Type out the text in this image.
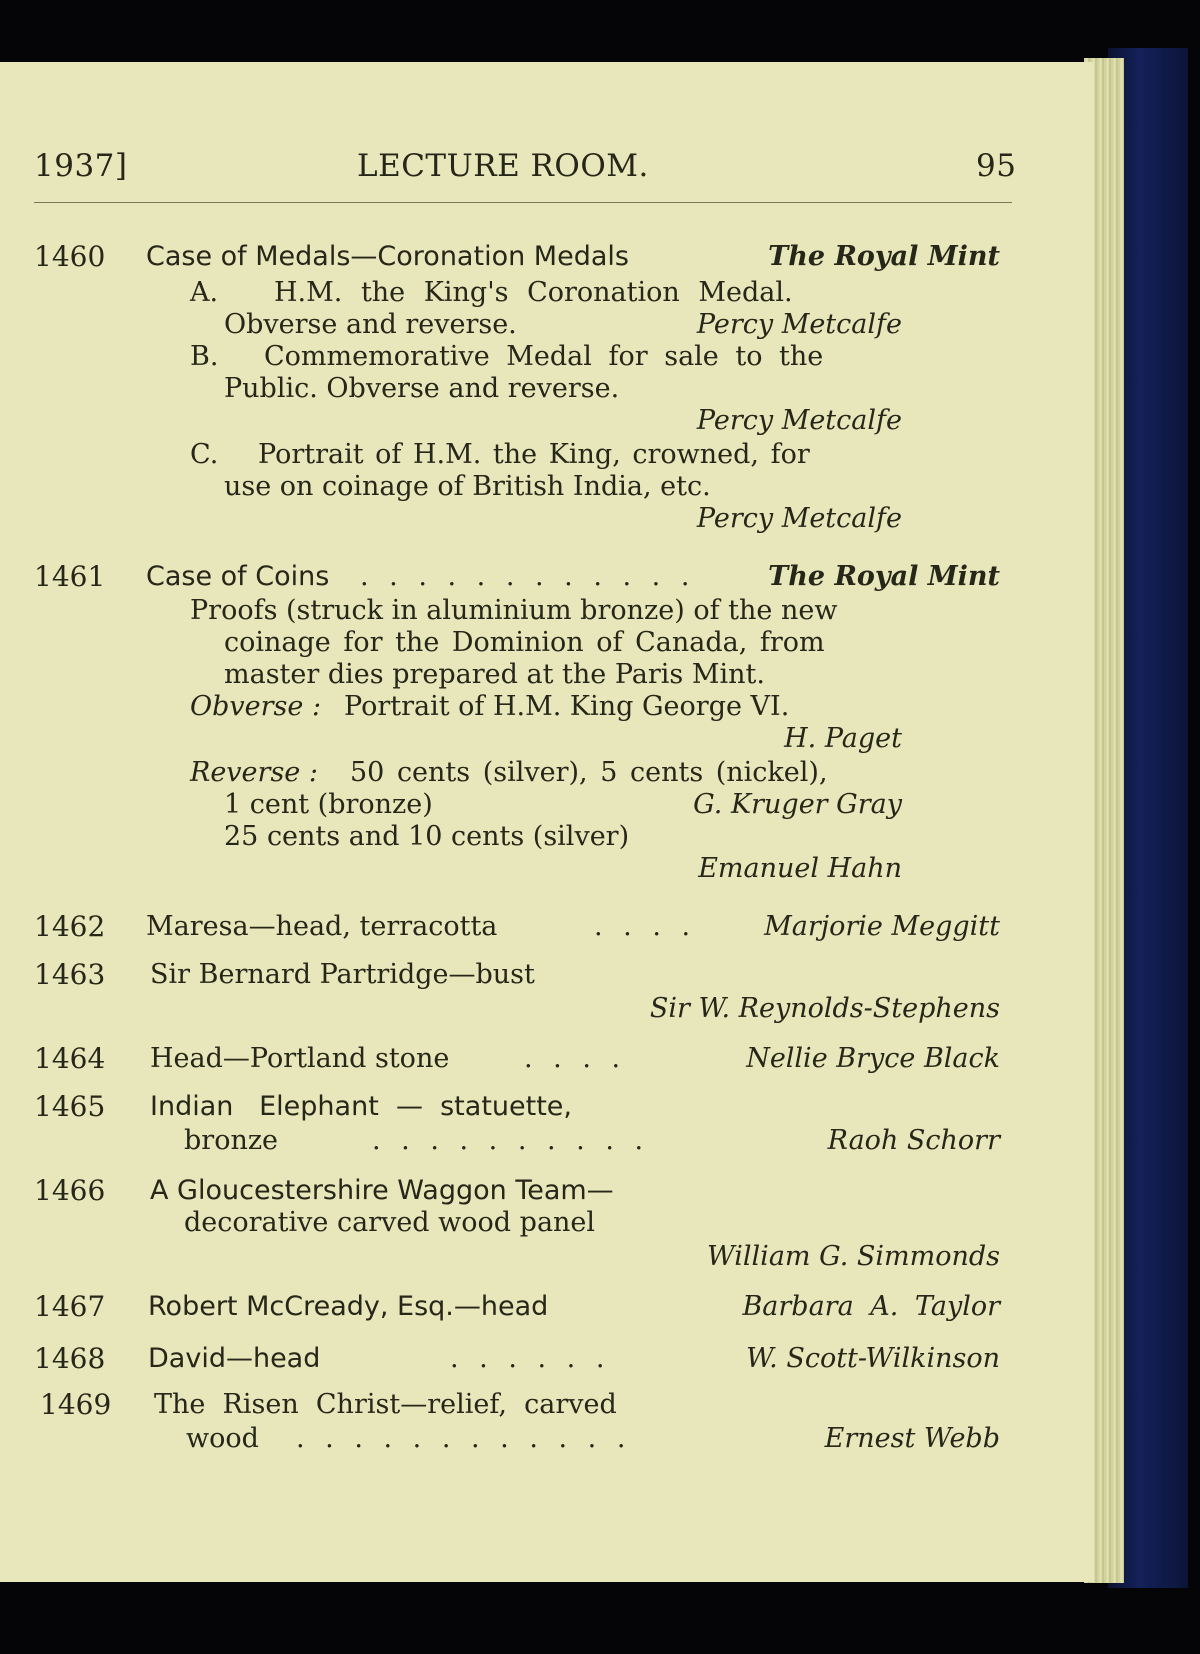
1937]	LECTURE ROOM.	95
1460 Case of Medals—Coronation Medals	The Royal Mint
A. H.M. the King's Coronation Medal.
Obverse and reverse.	Percy Metcalfe
B. Commemorative Medal for sale to the
Public. Obverse and reverse.
Percy Metcalfe
C. Portrait of H.M. the King, crowned, for
use on coinage of British India, etc.
Percy Metcalfe
1461 Case of Coins . . . . . . . . . . . .	The Royal Mint
Proofs (struck in aluminium bronze) of the new
coinage for the Dominion of Canada, from
master dies prepared at the Paris Mint.
Obverse : Portrait of H.M. King George VI.
H. Paget
Reverse : 50 cents (silver), 5 cents (nickel),
1 cent (bronze)	G. Kruger Gray
25 cents and 10 cents (silver)
Emanuel Hahn
1462 Maresa—head, terracotta	. . . .	Marjorie Meggitt
1463 Sir Bernard Partridge—bust
Sir W. Reynolds-Stephens
1464 Head—Portland stone	. . . .	Nellie Bryce Black
1465 Indian   Elephant  —  statuette,
bronze	. . . . . . . . . .	Raoh Schorr
1466 A Gloucestershire Waggon Team—
decorative carved wood panel
William G. Simmonds
1467 Robert McCready, Esq.—head	Barbara A. Taylor
1468 David—head	. . . . . .	W. Scott-Wilkinson
1469 The  Risen  Christ—relief,  carved
wood . . . . . . . . . . . .	Ernest Webb
